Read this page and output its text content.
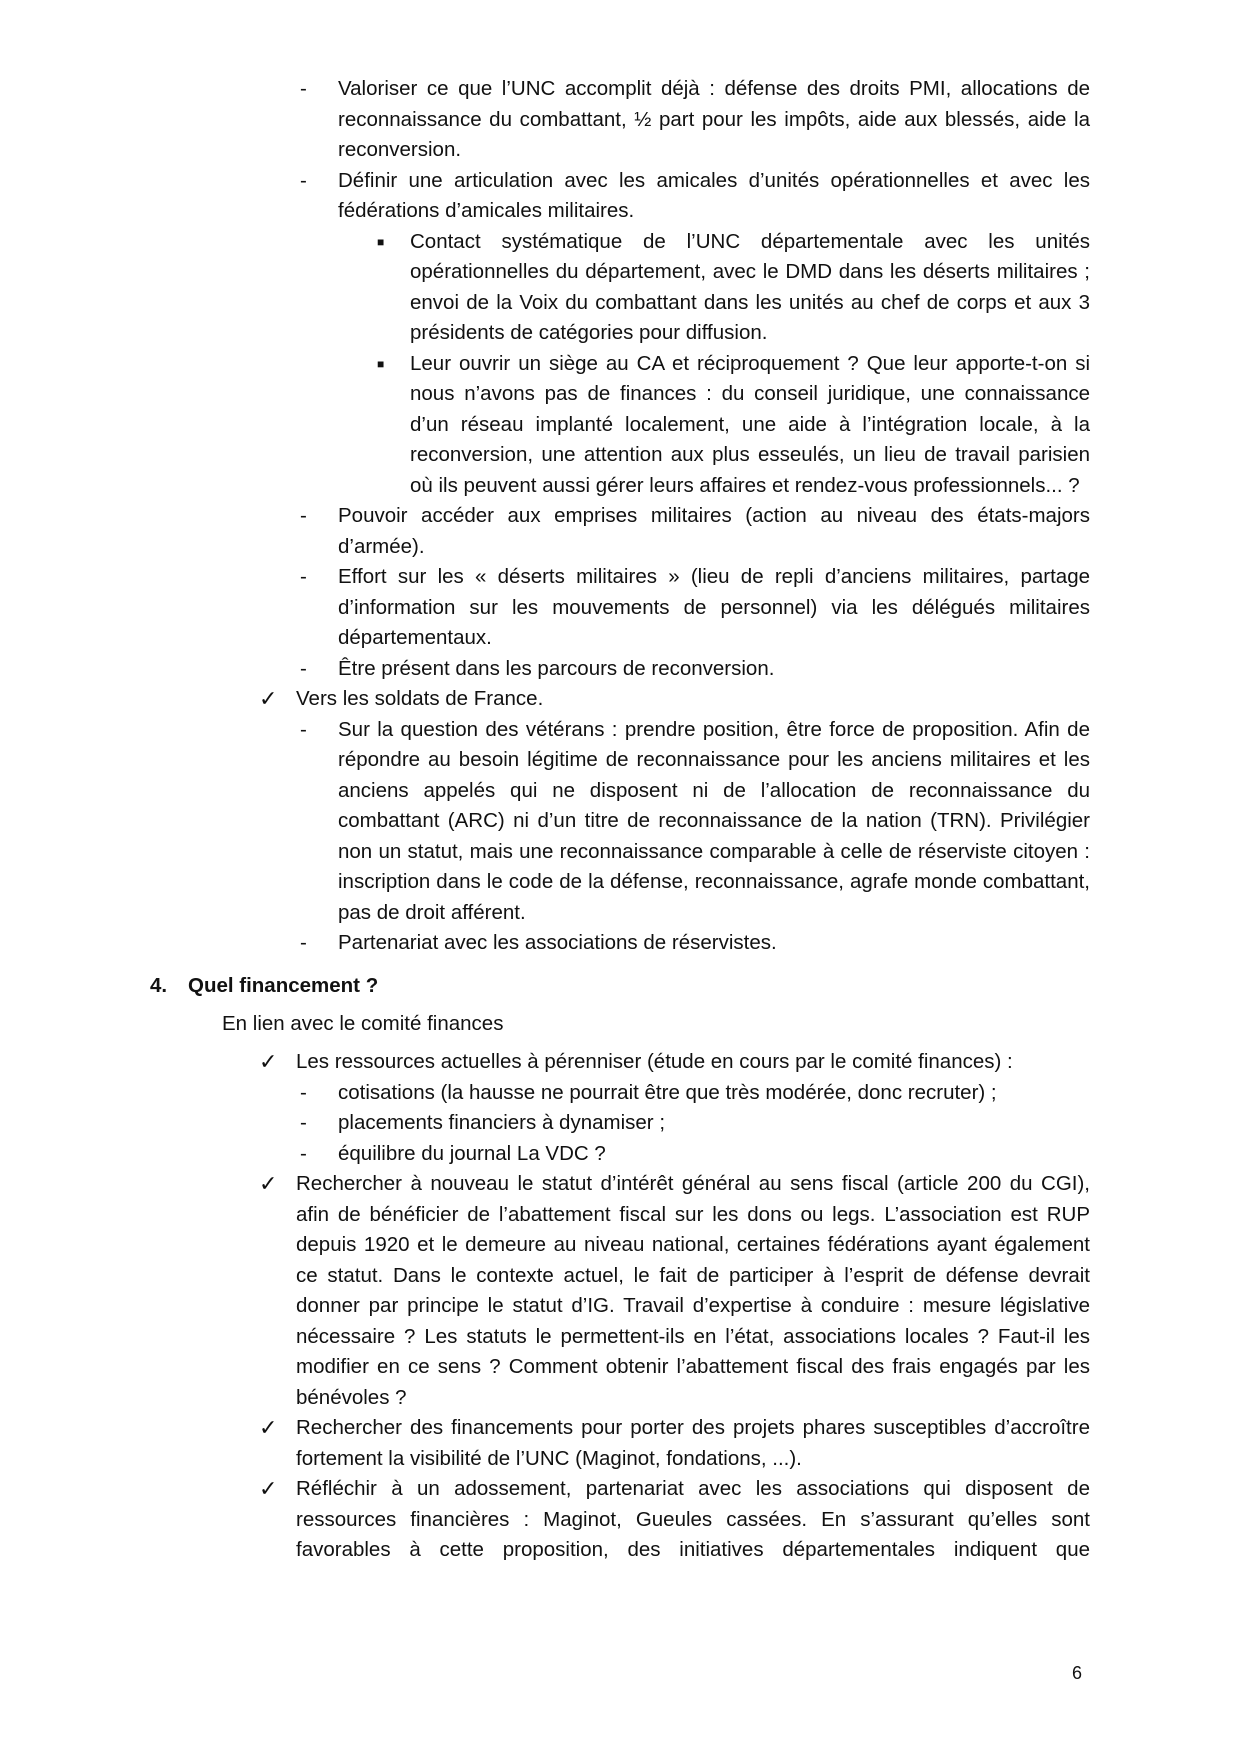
- Valoriser ce que l’UNC accomplit déjà : défense des droits PMI, allocations de reconnaissance du combattant, ½ part pour les impôts, aide aux blessés, aide la reconversion.
- Définir une articulation avec les amicales d’unités opérationnelles et avec les fédérations d’amicales militaires.
■ Contact systématique de l’UNC départementale avec les unités opérationnelles du département, avec le DMD dans les déserts militaires ; envoi de la Voix du combattant dans les unités au chef de corps et aux 3 présidents de catégories pour diffusion.
■ Leur ouvrir un siège au CA et réciproquement ? Que leur apporte-t-on si nous n’avons pas de finances : du conseil juridique, une connaissance d’un réseau implanté localement, une aide à l’intégration locale, à la reconversion, une attention aux plus esseulés, un lieu de travail parisien où ils peuvent aussi gérer leurs affaires et rendez-vous professionnels... ?
- Pouvoir accéder aux emprises militaires (action au niveau des états-majors d’armée).
- Effort sur les « déserts militaires » (lieu de repli d’anciens militaires, partage d’information sur les mouvements de personnel) via les délégués militaires départementaux.
- Être présent dans les parcours de reconversion.
✓ Vers les soldats de France.
- Sur la question des vétérans : prendre position, être force de proposition. Afin de répondre au besoin légitime de reconnaissance pour les anciens militaires et les anciens appelés qui ne disposent ni de l’allocation de reconnaissance du combattant (ARC) ni d’un titre de reconnaissance de la nation (TRN). Privilégier non un statut, mais une reconnaissance comparable à celle de réserviste citoyen : inscription dans le code de la défense, reconnaissance, agrafe monde combattant, pas de droit afférent.
- Partenariat avec les associations de réservistes.
4. Quel financement ?
En lien avec le comité finances
✓ Les ressources actuelles à pérenniser (étude en cours par le comité finances) :
- cotisations (la hausse ne pourrait être que très modérée, donc recruter) ;
- placements financiers à dynamiser ;
- équilibre du journal La VDC ?
✓ Rechercher à nouveau le statut d’intérêt général au sens fiscal (article 200 du CGI), afin de bénéficier de l’abattement fiscal sur les dons ou legs. L’association est RUP depuis 1920 et le demeure au niveau national, certaines fédérations ayant également ce statut. Dans le contexte actuel, le fait de participer à l’esprit de défense devrait donner par principe le statut d’IG. Travail d’expertise à conduire : mesure législative nécessaire ? Les statuts le permettent-ils en l’état, associations locales ? Faut-il les modifier en ce sens ? Comment obtenir l’abattement fiscal des frais engagés par les bénévoles ?
✓ Rechercher des financements pour porter des projets phares susceptibles d’accroître fortement la visibilité de l’UNC (Maginot, fondations, ...).
✓ Réfléchir à un adossement, partenariat avec les associations qui disposent de ressources financières : Maginot, Gueules cassées. En s’assurant qu’elles sont favorables à cette proposition, des initiatives départementales indiquent que
6
